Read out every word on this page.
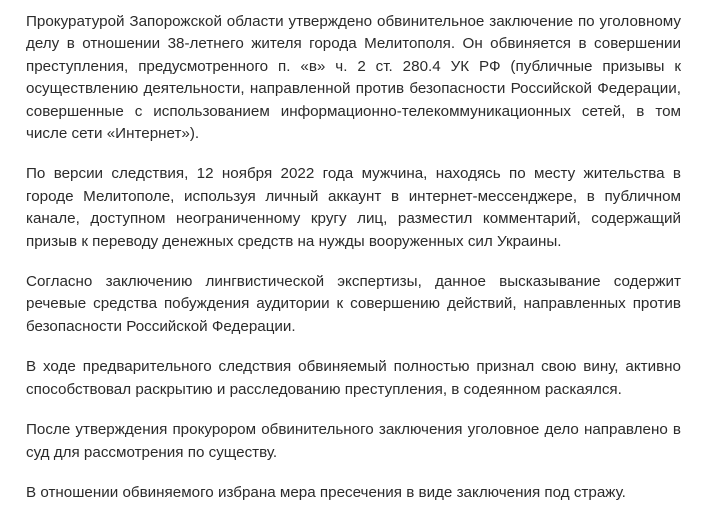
Прокуратурой Запорожской области утверждено обвинительное заключение по уголовному делу в отношении 38-летнего жителя города Мелитополя. Он обвиняется в совершении преступления, предусмотренного п. «в» ч. 2 ст. 280.4 УК РФ (публичные призывы к осуществлению деятельности, направленной против безопасности Российской Федерации, совершенные с использованием информационно-телекоммуникационных сетей, в том числе сети «Интернет»).

По версии следствия, 12 ноября 2022 года мужчина, находясь по месту жительства в городе Мелитополе, используя личный аккаунт в интернет-мессенджере, в публичном канале, доступном неограниченному кругу лиц, разместил комментарий, содержащий призыв к переводу денежных средств на нужды вооруженных сил Украины.

Согласно заключению лингвистической экспертизы, данное высказывание содержит речевые средства побуждения аудитории к совершению действий, направленных против безопасности Российской Федерации.

В ходе предварительного следствия обвиняемый полностью признал свою вину, активно способствовал раскрытию и расследованию преступления, в содеянном раскаялся.

После утверждения прокурором обвинительного заключения уголовное дело направлено в суд для рассмотрения по существу.

В отношении обвиняемого избрана мера пресечения в виде заключения под стражу.
